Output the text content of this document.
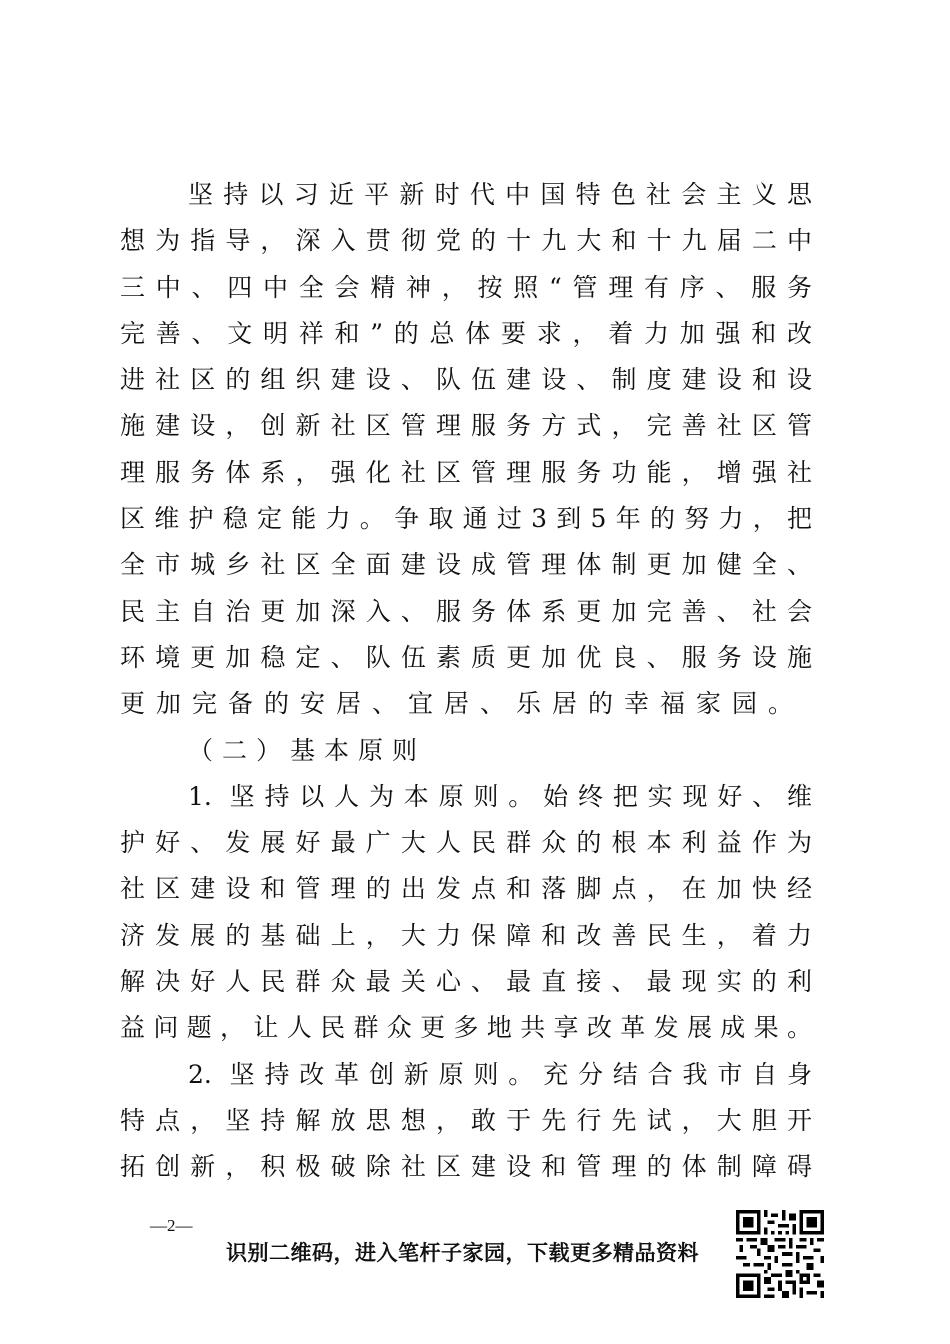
坚持以习近平新时代中国特色社会主义思
想为指导，深入贯彻党的十九大和十九届二中
三中、四中全会精神，按照“管理有序、服务
完善、文明祥和”的总体要求，着力加强和改
进社区的组织建设、队伍建设、制度建设和设
施建设，创新社区管理服务方式，完善社区管
理服务体系，强化社区管理服务功能，增强社
区维护稳定能力。争取通过3到5年的努力，把
全市城乡社区全面建设成管理体制更加健全、
民主自治更加深入、服务体系更加完善、社会
环境更加稳定、队伍素质更加优良、服务设施
更加完备的安居、宜居、乐居的幸福家园。
（二）基本原则
1. 坚持以人为本原则。始终把实现好、维
护好、发展好最广大人民群众的根本利益作为
社区建设和管理的出发点和落脚点，在加快经
济发展的基础上，大力保障和改善民生，着力
解决好人民群众最关心、最直接、最现实的利
益问题，让人民群众更多地共享改革发展成果。
2. 坚持改革创新原则。充分结合我市自身
特点，坚持解放思想，敢于先行先试，大胆开
拓创新，积极破除社区建设和管理的体制障碍
—2—
识别二维码，进入笔杆子家园，下载更多精品资料
